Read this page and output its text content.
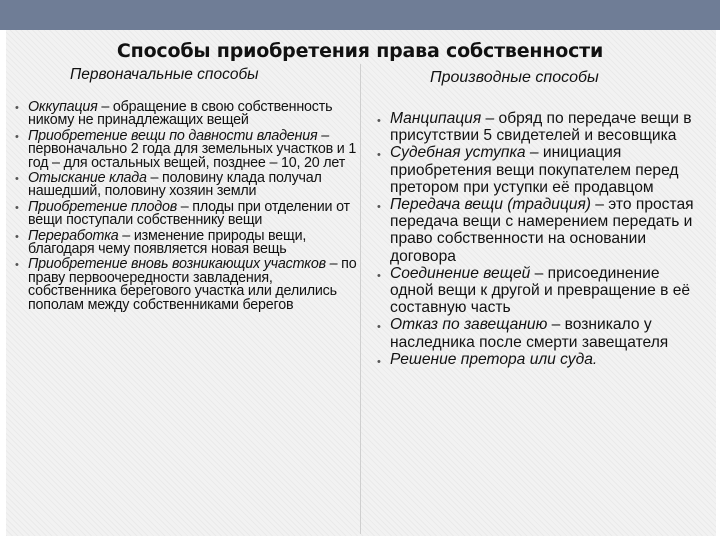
Способы приобретения права собственности
Первоначальные способы	Производные способы
• Оккупация – обращение в свою собственность никому не принадлежащих вещей
• Приобретение вещи по давности владения – первоначально 2 года для земельных участков и 1 год – для остальных вещей, позднее – 10, 20 лет
• Отыскание клада – половину клада получал нашедший, половину хозяин земли
• Приобретение плодов – плоды при отделении от вещи поступали собственнику вещи
• Переработка – изменение природы вещи, благодаря чему появляется новая вещь
• Приобретение вновь возникающих участков – по праву первоочередности завладения, собственника берегового участка или делились пополам между собственниками берегов
• Манципация – обряд по передаче вещи в присутствии 5 свидетелей и весовщика
• Судебная уступка – инициация приобретения вещи покупателем перед претором при уступки её продавцом
• Передача вещи (традиция) – это простая передача вещи с намерением передать и право собственности на основании договора
• Соединение вещей – присоединение одной вещи к другой и превращение в её составную часть
• Отказ по завещанию – возникало у наследника после смерти завещателя
• Решение претора или суда.
